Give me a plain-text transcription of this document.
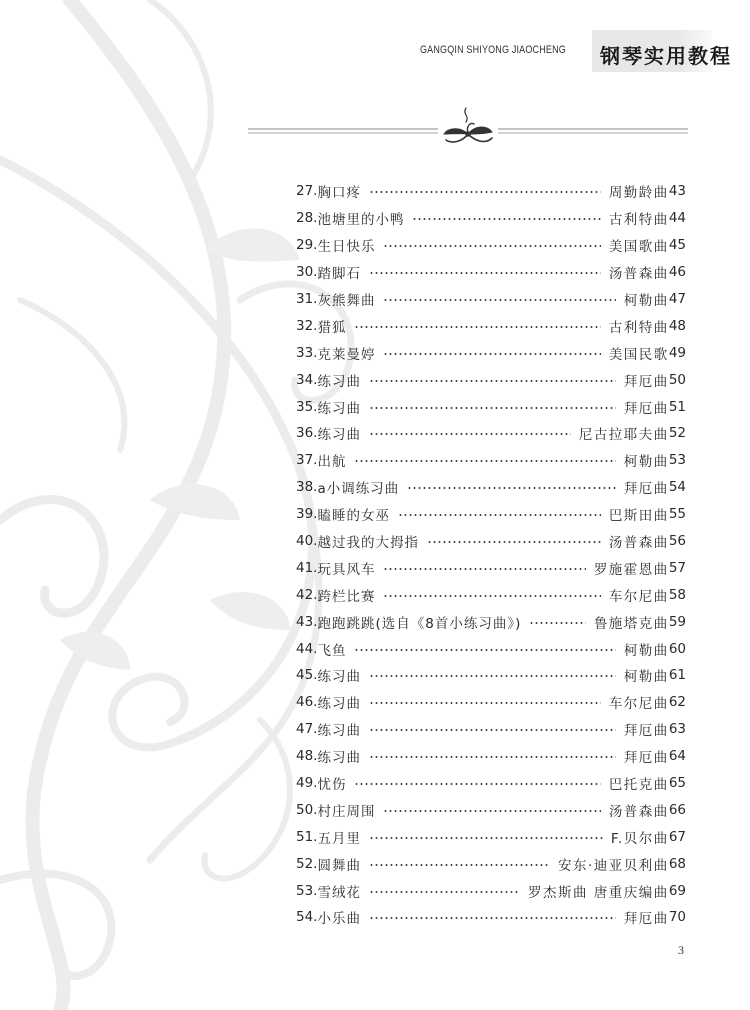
GANGQIN SHIYONG JIAOCHENG 钢琴实用教程
27. 胸口疼	周勤龄曲 43
28. 池塘里的小鸭	古利特曲 44
29. 生日快乐	美国歌曲 45
30. 踏脚石	汤普森曲 46
31. 灰熊舞曲	柯勒曲 47
32. 猎狐	古利特曲 48
33. 克莱曼婷	美国民歌 49
34. 练习曲	拜厄曲 50
35. 练习曲	拜厄曲 51
36. 练习曲	尼古拉耶夫曲 52
37. 出航	柯勒曲 53
38. a小调练习曲	拜厄曲 54
39. 瞌睡的女巫	巴斯田曲 55
40. 越过我的大拇指	汤普森曲 56
41. 玩具风车	罗施霍恩曲 57
42. 跨栏比赛	车尔尼曲 58
43. 跑跑跳跳(选自《8首小练习曲》)	鲁施塔克曲 59
44. 飞鱼	柯勒曲 60
45. 练习曲	柯勒曲 61
46. 练习曲	车尔尼曲 62
47. 练习曲	拜厄曲 63
48. 练习曲	拜厄曲 64
49. 忧伤	巴托克曲 65
50. 村庄周围	汤普森曲 66
51. 五月里	F.贝尔曲 67
52. 圆舞曲	安东·迪亚贝利曲 68
53. 雪绒花	罗杰斯曲 唐重庆编曲 69
54. 小乐曲	拜厄曲 70
3
